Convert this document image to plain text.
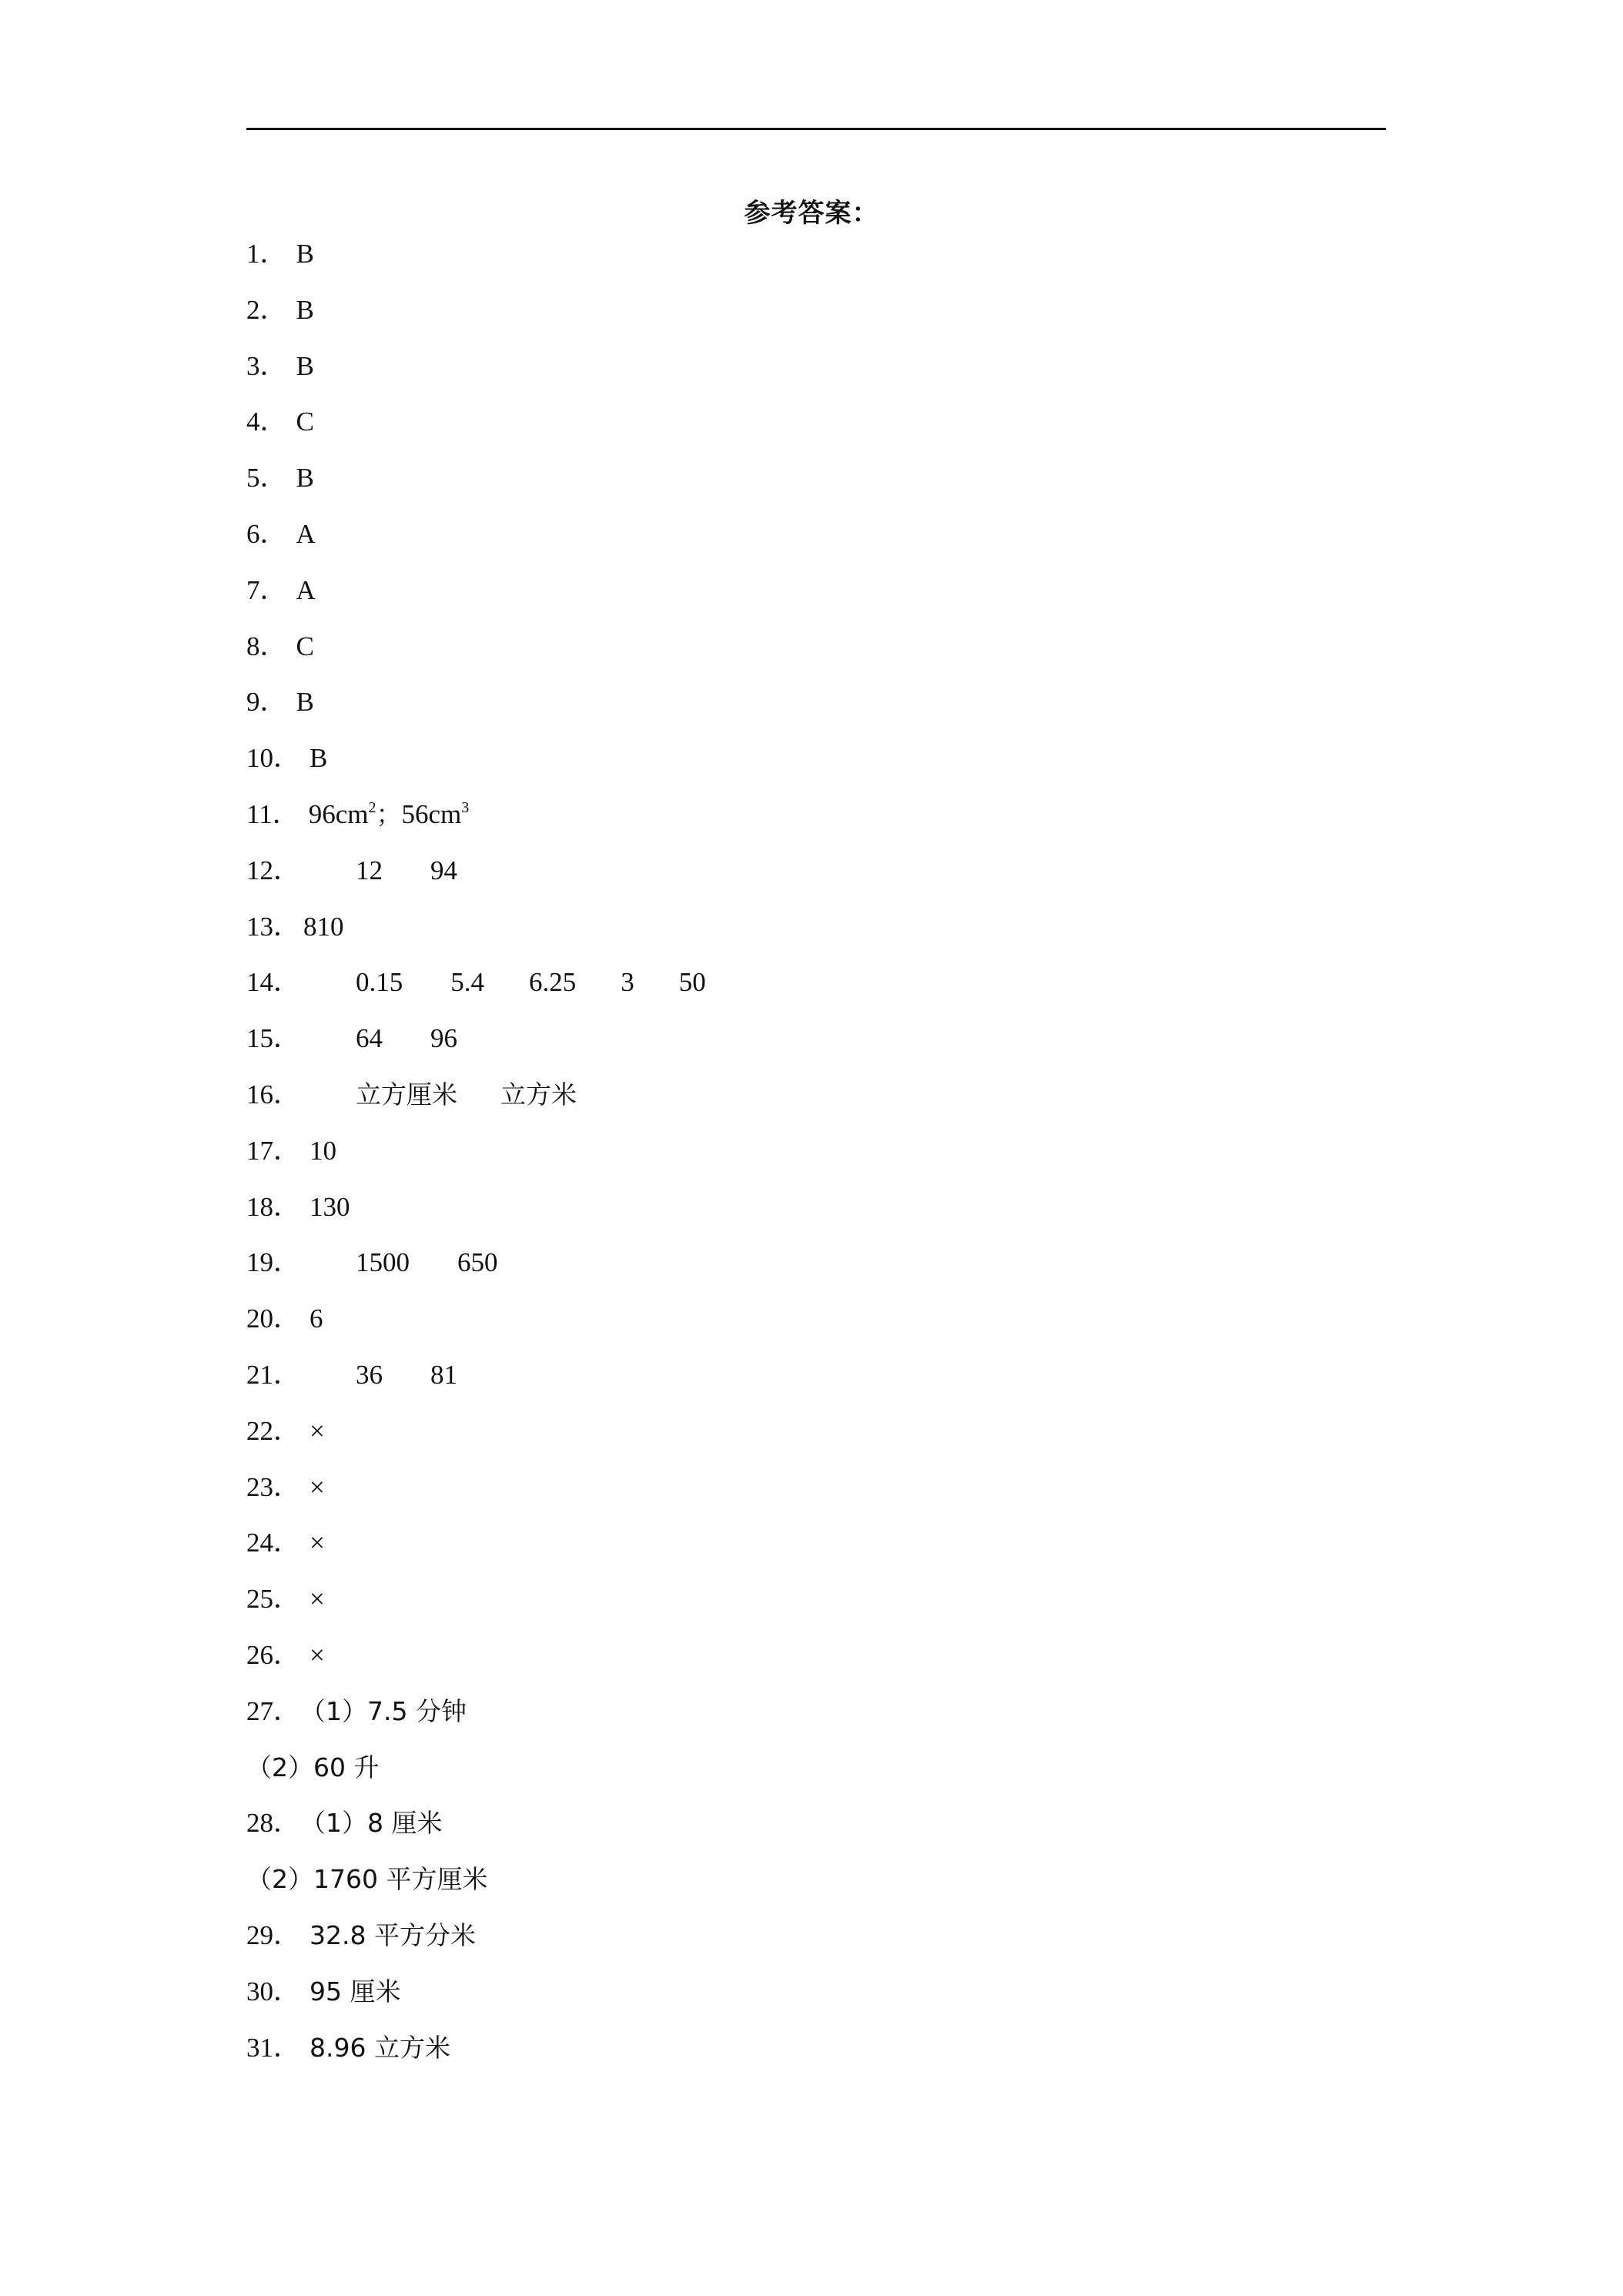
参考答案：
1． B
2． B
3． B
4． C
5． B
6． A
7． A
8． C
9． B
10． B
11． $96cm^2$；$56cm^3$
12． 12 94
13． 810
14． 0.15 5.4 6.25 3 50
15． 64 96
16． 立方厘米 立方米
17． 10
18． 130
19． 1500 650
20． 6
21． 36 81
22． ×
23． ×
24． ×
25． ×
26． ×
27．（1）7.5 分钟
（2）60 升
28．（1）8 厘米
（2）1760 平方厘米
29． 32.8 平方分米
30． 95 厘米
31． 8.96 立方米
